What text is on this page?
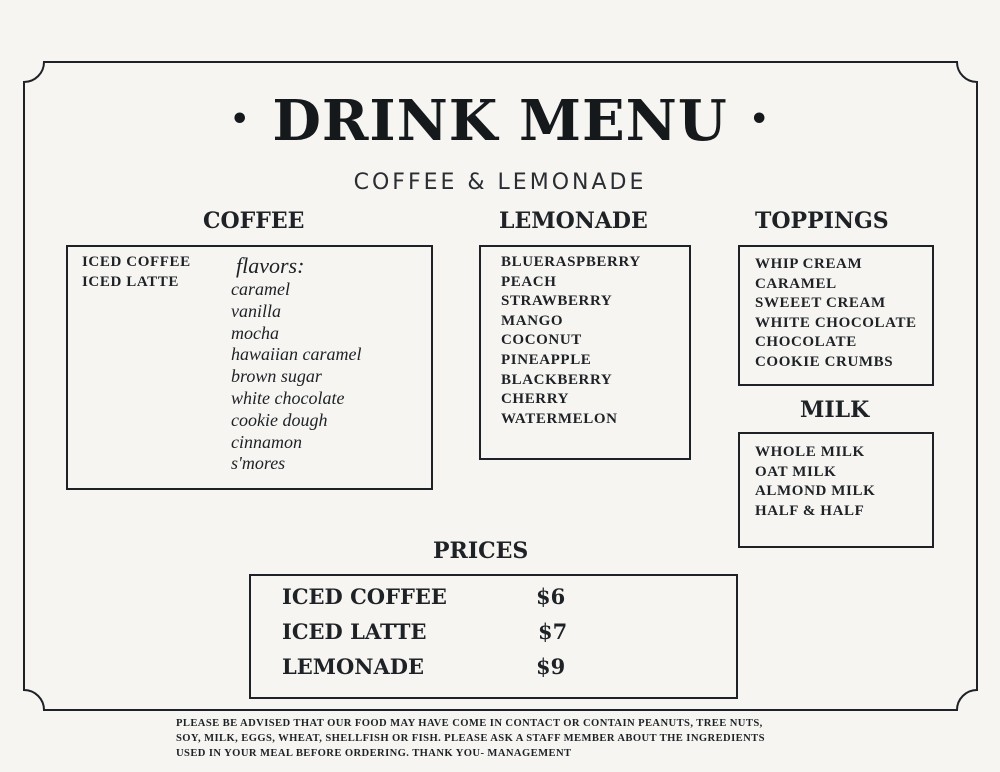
• DRINK MENU •
COFFEE & LEMONADE
COFFEE
ICED COFFEE
ICED LATTE
flavors:
caramel
vanilla
mocha
hawaiian caramel
brown sugar
white chocolate
cookie dough
cinnamon
s'mores
LEMONADE
BLUERASPBERRY
PEACH
STRAWBERRY
MANGO
COCONUT
PINEAPPLE
BLACKBERRY
CHERRY
WATERMELON
TOPPINGS
WHIP CREAM
CARAMEL
SWEEET CREAM
WHITE CHOCOLATE
CHOCOLATE
COOKIE CRUMBS
MILK
WHOLE MILK
OAT MILK
ALMOND MILK
HALF & HALF
PRICES
ICED COFFEE	$6
ICED LATTE	$7
LEMONADE	$9
PLEASE BE ADVISED THAT OUR FOOD MAY HAVE COME IN CONTACT OR CONTAIN PEANUTS, TREE NUTS,
SOY, MILK, EGGS, WHEAT, SHELLFISH OR FISH. PLEASE ASK A STAFF MEMBER ABOUT THE INGREDIENTS
USED IN YOUR MEAL BEFORE ORDERING. THANK YOU- MANAGEMENT
